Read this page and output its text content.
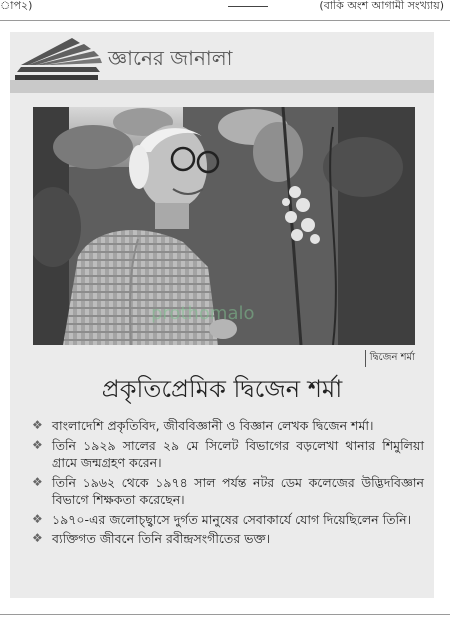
াপ২)	(বাকি অংশ আগামী সংখ্যায়)
জ্ঞানের জানালা
prothomalo
দ্বিজেন শর্মা
প্রকৃতিপ্রেমিক দ্বিজেন শর্মা
❖ বাংলাদেশি প্রকৃতিবিদ, জীববিজ্ঞানী ও বিজ্ঞান লেখক দ্বিজেন শর্মা।
❖ তিনি ১৯২৯ সালের ২৯ মে সিলেট বিভাগের বড়লেখা থানার শিমুলিয়া গ্রামে জন্মগ্রহণ করেন।
❖ তিনি ১৯৬২ থেকে ১৯৭৪ সাল পর্যন্ত নটর ডেম কলেজের উদ্ভিদবিজ্ঞান বিভাগে শিক্ষকতা করেছেন।
❖ ১৯৭০-এর জলোচ্ছ্বাসে দুর্গত মানুষের সেবাকার্যে যোগ দিয়েছিলেন তিনি।
❖ ব্যক্তিগত জীবনে তিনি রবীন্দ্রসংগীতের ভক্ত।
